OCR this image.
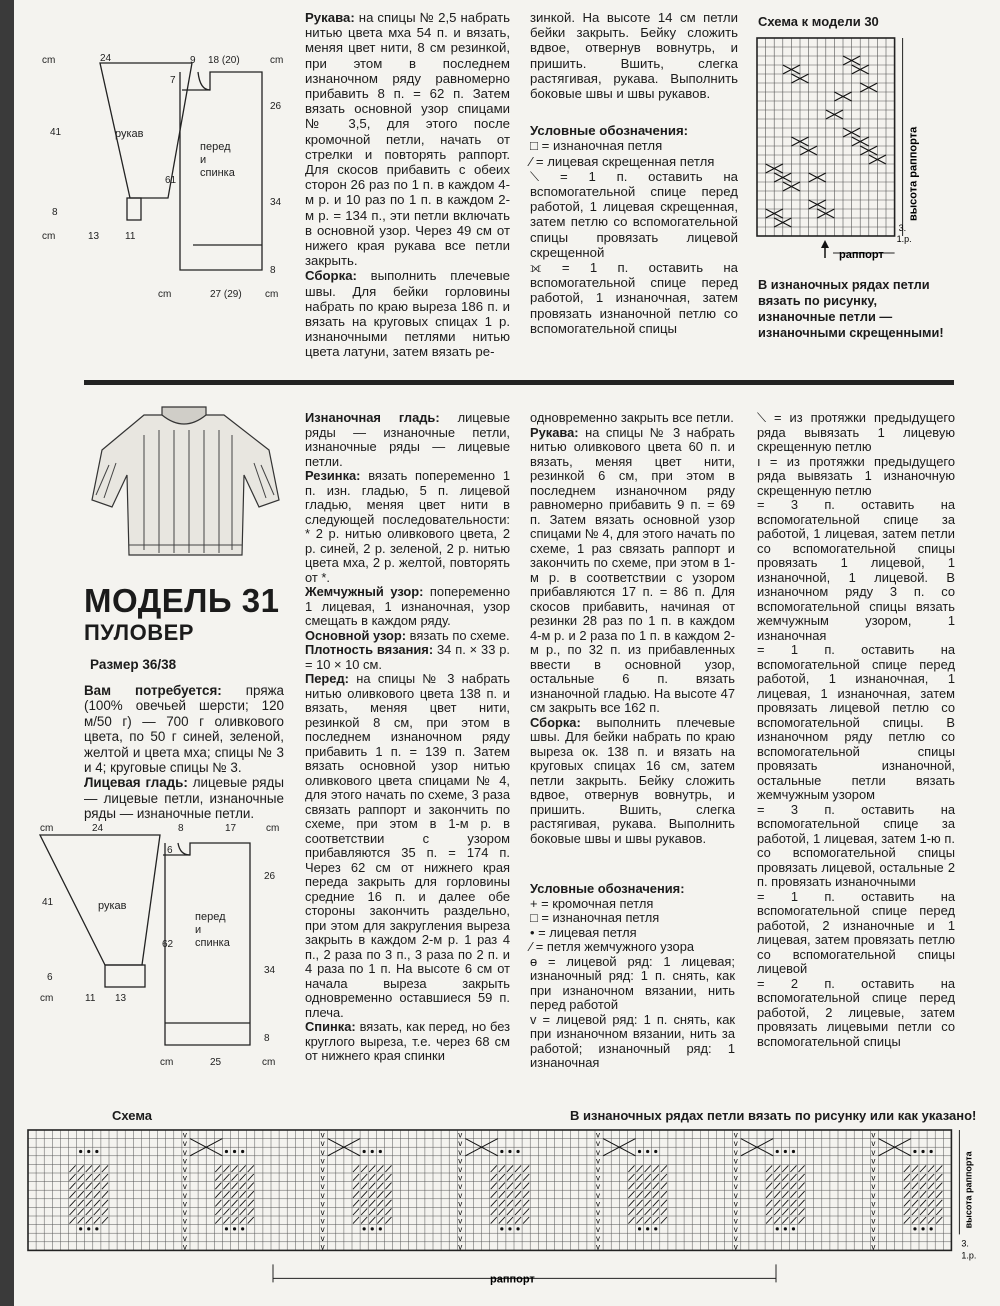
cm	24
41	рукав
8
cm	13	11
9 18 (20)	cm
7
26
61
34
8
cm	27 (29) cm
перед и спинка

Рукава: на спицы № 2,5 набрать нитью цвета мха 54 п. и вязать, меняя цвет нити, 8 см резинкой, при этом в последнем изнаночном ряду равномерно прибавить 8 п. = 62 п. Затем вязать основной узор спицами № 3,5, для этого после кромочной петли, начать от стрелки и повторять раппорт. Для скосов прибавить с обеих сторон 26 раз по 1 п. в каждом 4-м р. и 10 раз по 1 п. в каждом 2-м р. = 134 п., эти петли включать в основной узор. Через 49 см от нижего края рукава все петли закрыть.

Сборка: выполнить плечевые швы. Для бейки горловины набрать по краю выреза 186 п. и вязать на круговых спицах 1 р. изнаночными петлями нитью цвета латуни, затем вязать ре-

зинкой. На высоте 14 см петли бейки закрыть. Бейку сложить вдвое, отвернув вовнутрь, и пришить. Вшить, слегка растягивая, рукава. Выполнить боковые швы и швы рукавов.

Условные обозначения:

□ = изнаночная петля

⁄ = лицевая скрещенная петля

⟍ = 1 п. оставить на вспомогательной спице перед работой, 1 лицевая скрещенная, затем петлю со вспомогательной спицы провязать лицевой скрещенной

⟗ = 1 п. оставить на вспомогательной спице перед работой, 1 изнаночная, затем провязать изнаночной петлю со вспомогательной спицы

Схема к модели 30
высота раппорта
3.
1.р.
раппорт
В изнаночных рядах петли вязать по рисунку, изнаночные петли — изнаночными скрещенными!
МОДЕЛЬ 31
ПУЛОВЕР
Размер 36/38

Вам потребуется: пряжа (100% овечьей шерсти; 120 м/50 г) — 700 г оливкового цвета, по 50 г синей, зеленой, желтой и цвета мха; спицы № 3 и 4; круговые спицы № 3.

Лицевая гладь: лицевые ряды — лицевые петли, изнаночные ряды — изнаночные петли.

cm	24
41	рукав
6
cm	11 13
8	17	cm
6
26
62
34
8
cm	25	cm
перед и спинка

Изнаночная гладь: лицевые ряды — изнаночные петли, изнаночные ряды — лицевые петли.

Резинка: вязать попеременно 1 п. изн. гладью, 5 п. лицевой гладью, меняя цвет нити в следующей последовательности: * 2 р. нитью оливкового цвета, 2 р. синей, 2 р. зеленой, 2 р. нитью цвета мха, 2 р. желтой, повторять от *.

Жемчужный узор: попеременно 1 лицевая, 1 изнаночная, узор смещать в каждом ряду.

Основной узор: вязать по схеме.

Плотность вязания: 34 п. × 33 р. = 10 × 10 см.

Перед: на спицы № 3 набрать нитью оливкового цвета 138 п. и вязать, меняя цвет нити, резинкой 8 см, при этом в последнем изнаночном ряду прибавить 1 п. = 139 п. Затем вязать основной узор нитью оливкового цвета спицами № 4, для этого начать по схеме, 3 раза связать раппорт и закончить по схеме, при этом в 1-м р. в соответствии с узором прибавляются 35 п. = 174 п. Через 62 см от нижнего края переда закрыть для горловины средние 16 п. и далее обе стороны закончить раздельно, при этом для закругления выреза закрыть в каждом 2-м р. 1 раз 4 п., 2 раза по 3 п., 3 раза по 2 п. и 4 раза по 1 п. На высоте 6 см от начала выреза закрыть одновременно оставшиеся 59 п. плеча.

Спинка: вязать, как перед, но без круглого выреза, т.е. через 68 см от нижнего края спинки

одновременно закрыть все петли.

Рукава: на спицы № 3 набрать нитью оливкового цвета 60 п. и вязать, меняя цвет нити, резинкой 6 см, при этом в последнем изнаночном ряду равномерно прибавить 9 п. = 69 п. Затем вязать основной узор спицами № 4, для этого начать по схеме, 1 раз связать раппорт и закончить по схеме, при этом в 1-м р. в соответствии с узором прибавляются 17 п. = 86 п. Для скосов прибавить, начиная от резинки 28 раз по 1 п. в каждом 4-м р. и 2 раза по 1 п. в каждом 2-м р., по 32 п. из прибавленных ввести в основной узор, остальные 6 п. вязать изнаночной гладью. На высоте 47 см закрыть все 162 п.

Сборка: выполнить плечевые швы. Для бейки набрать по краю выреза ок. 138 п. и вязать на круговых спицах 16 см, затем петли закрыть. Бейку сложить вдвое, отвернув вовнутрь, и пришить. Вшить, слегка растягивая, рукава. Выполнить боковые швы и швы рукавов.

Условные обозначения:

+ = кромочная петля

□ = изнаночная петля

• = лицевая петля

⁄ = петля жемчужного узора

ɵ = лицевой ряд: 1 лицевая; изнаночный ряд: 1 п. снять, как при изнаночном вязании, нить перед работой

v = лицевой ряд: 1 п. снять, как при изнаночном вязании, нить за работой; изнаночный ряд: 1 изнаночная

⟍ = из протяжки предыдущего ряда вывязать 1 лицевую скрещенную петлю

ı = из протяжки предыдущего ряда вывязать 1 изнаночную скрещенную петлю

= 3 п. оставить на вспомогательной спице за работой, 1 лицевая, затем петли со вспомогательной спицы провязать 1 лицевой, 1 изнаночной, 1 лицевой. В изнаночном ряду 3 п. со вспомогательной спицы вязать жемчужным узором, 1 изнаночная

= 1 п. оставить на вспомогательной спице перед работой, 1 изнаночная, 1 лицевая, 1 изнаночная, затем провязать лицевой петлю со вспомогательной спицы. В изнаночном ряду петлю со вспомогательной спицы провязать изнаночной, остальные петли вязать жемчужным узором

= 3 п. оставить на вспомогательной спице за работой, 1 лицевая, затем 1-ю п. со вспомогательной спицы провязать лицевой, остальные 2 п. провязать изнаночными

= 1 п. оставить на вспомогательной спице перед работой, 2 изнаночные и 1 лицевая, затем провязать петлю со вспомогательной спицы лицевой

= 2 п. оставить на вспомогательной спице перед работой, 2 лицевые, затем провязать лицевыми петли со вспомогательной спицы

Схема	В изнаночных рядах петли вязать по рисунку или как указано!
v
v
v
v
v
v
v
v
v
v
v
v
v
v
v
v
v
v
v
v
v
v
v
v
v
v
v
v
v
v
v
v
v
v
v
v
v
v
v
v
v
v
v
v
v
v
v
v
v
v
v
v
v
v
v
v
v
v
v
v
v
v
v
v
v
v
v
v
v
v
v
v
v
v
v
v
v
v
v
v
v
v
v
v
высота раппорта
3.
1.р.
раппорт
